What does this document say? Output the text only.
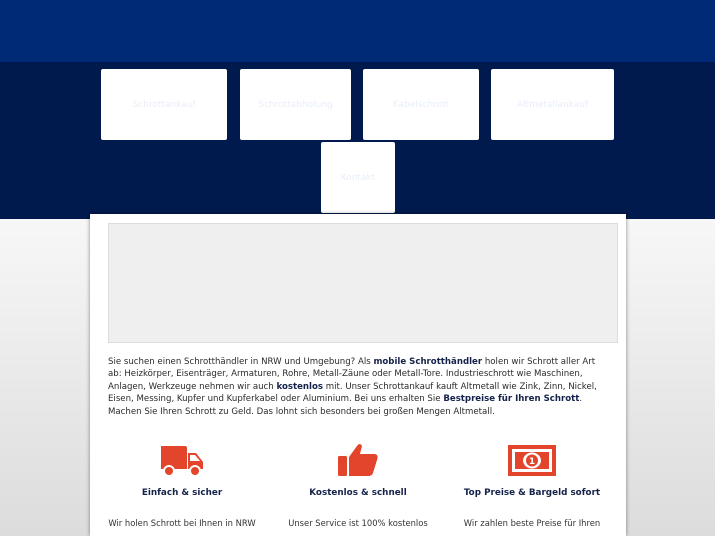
Schrottankauf	Schrottabholung	Kabelschrott	Altmetallankauf
Kontakt

Sie suchen einen Schrotthändler in NRW und Umgebung? Als mobile Schrotthändler holen wir Schrott aller Art ab: Heizkörper, Eisenträger, Armaturen, Rohre, Metall-Zäune oder Metall-Tore. Industrieschrott wie Maschinen, Anlagen, Werkzeuge nehmen wir auch kostenlos mit. Unser Schrottankauf kauft Altmetall wie Zink, Zinn, Nickel, Eisen, Messing, Kupfer und Kupferkabel oder Aluminium. Bei uns erhalten Sie Bestpreise für Ihren Schrott. Machen Sie Ihren Schrott zu Geld. Das lohnt sich besonders bei großen Mengen Altmetall.

Einfach & sicher
Wir holen Schrott bei Ihnen in NRW
Kostenlos & schnell
Unser Service ist 100% kostenlos
1
Top Preise & Bargeld sofort
Wir zahlen beste Preise für Ihren
